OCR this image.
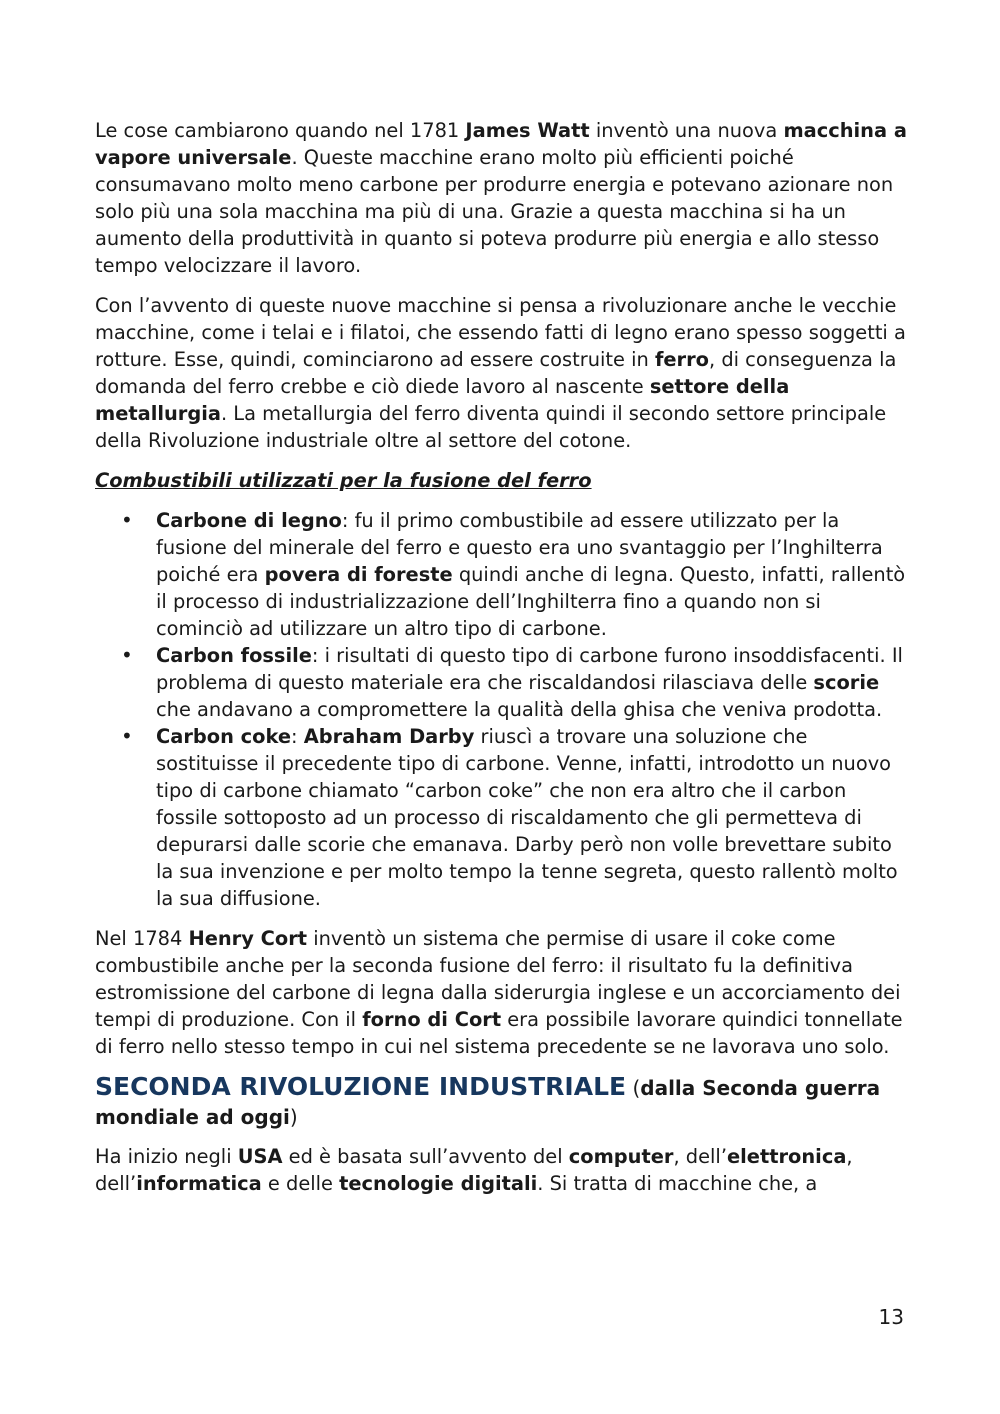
Le cose cambiarono quando nel 1781 James Watt inventò una nuova macchina a vapore universale. Queste macchine erano molto più efficienti poiché consumavano molto meno carbone per produrre energia e potevano azionare non solo più una sola macchina ma più di una. Grazie a questa macchina si ha un aumento della produttività in quanto si poteva produrre più energia e allo stesso tempo velocizzare il lavoro.

Con l’avvento di queste nuove macchine si pensa a rivoluzionare anche le vecchie macchine, come i telai e i filatoi, che essendo fatti di legno erano spesso soggetti a rotture. Esse, quindi, cominciarono ad essere costruite in ferro, di conseguenza la domanda del ferro crebbe e ciò diede lavoro al nascente settore della metallurgia. La metallurgia del ferro diventa quindi il secondo settore principale della Rivoluzione industriale oltre al settore del cotone.

Combustibili utilizzati per la fusione del ferro

• Carbone di legno: fu il primo combustibile ad essere utilizzato per la fusione del minerale del ferro e questo era uno svantaggio per l’Inghilterra poiché era povera di foreste quindi anche di legna. Questo, infatti, rallentò il processo di industrializzazione dell’Inghilterra fino a quando non si cominciò ad utilizzare un altro tipo di carbone.
• Carbon fossile: i risultati di questo tipo di carbone furono insoddisfacenti. Il problema di questo materiale era che riscaldandosi rilasciava delle scorie che andavano a compromettere la qualità della ghisa che veniva prodotta.
• Carbon coke: Abraham Darby riuscì a trovare una soluzione che sostituisse il precedente tipo di carbone. Venne, infatti, introdotto un nuovo tipo di carbone chiamato “carbon coke” che non era altro che il carbon fossile sottoposto ad un processo di riscaldamento che gli permetteva di depurarsi dalle scorie che emanava. Darby però non volle brevettare subito la sua invenzione e per molto tempo la tenne segreta, questo rallentò molto la sua diffusione.

Nel 1784 Henry Cort inventò un sistema che permise di usare il coke come combustibile anche per la seconda fusione del ferro: il risultato fu la definitiva estromissione del carbone di legna dalla siderurgia inglese e un accorciamento dei tempi di produzione. Con il forno di Cort era possibile lavorare quindici tonnellate di ferro nello stesso tempo in cui nel sistema precedente se ne lavorava uno solo.

SECONDA RIVOLUZIONE INDUSTRIALE (dalla Seconda guerra mondiale ad oggi)

Ha inizio negli USA ed è basata sull’avvento del computer, dell’elettronica, dell’informatica e delle tecnologie digitali. Si tratta di macchine che, a

13
